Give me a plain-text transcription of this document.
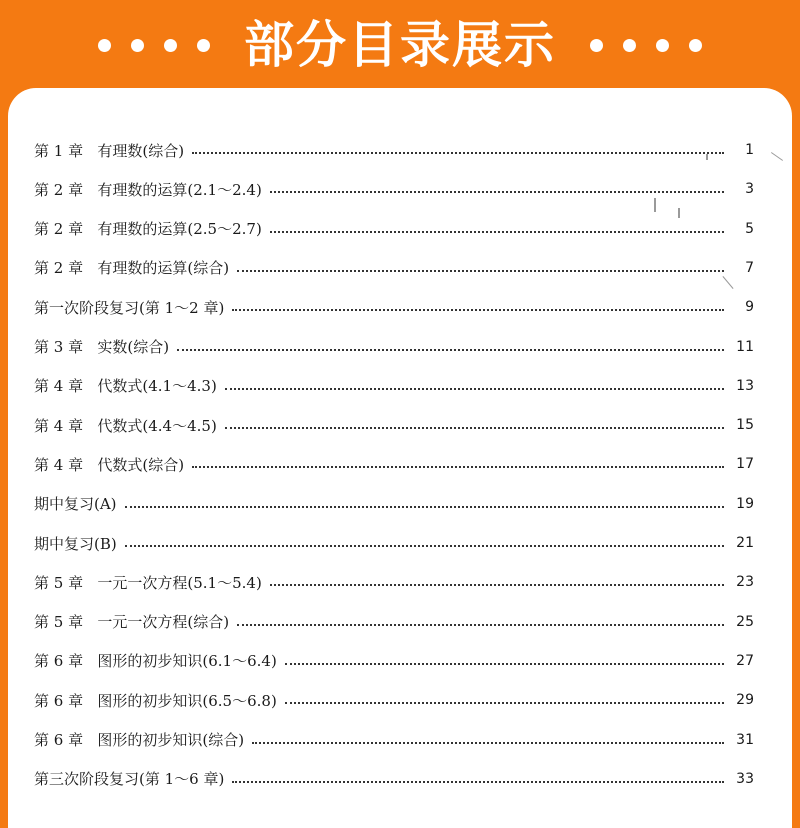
部分目录展示
第 1 章   有理数(综合)	1
第 2 章   有理数的运算(2.1～2.4)	3
第 2 章   有理数的运算(2.5～2.7)	5
第 2 章   有理数的运算(综合)	7
第一次阶段复习(第 1～2 章)	9
第 3 章   实数(综合)	11
第 4 章   代数式(4.1～4.3)	13
第 4 章   代数式(4.4～4.5)	15
第 4 章   代数式(综合)	17
期中复习(A)	19
期中复习(B)	21
第 5 章   一元一次方程(5.1～5.4)	23
第 5 章   一元一次方程(综合)	25
第 6 章   图形的初步知识(6.1～6.4)	27
第 6 章   图形的初步知识(6.5～6.8)	29
第 6 章   图形的初步知识(综合)	31
第三次阶段复习(第 1～6 章)	33
